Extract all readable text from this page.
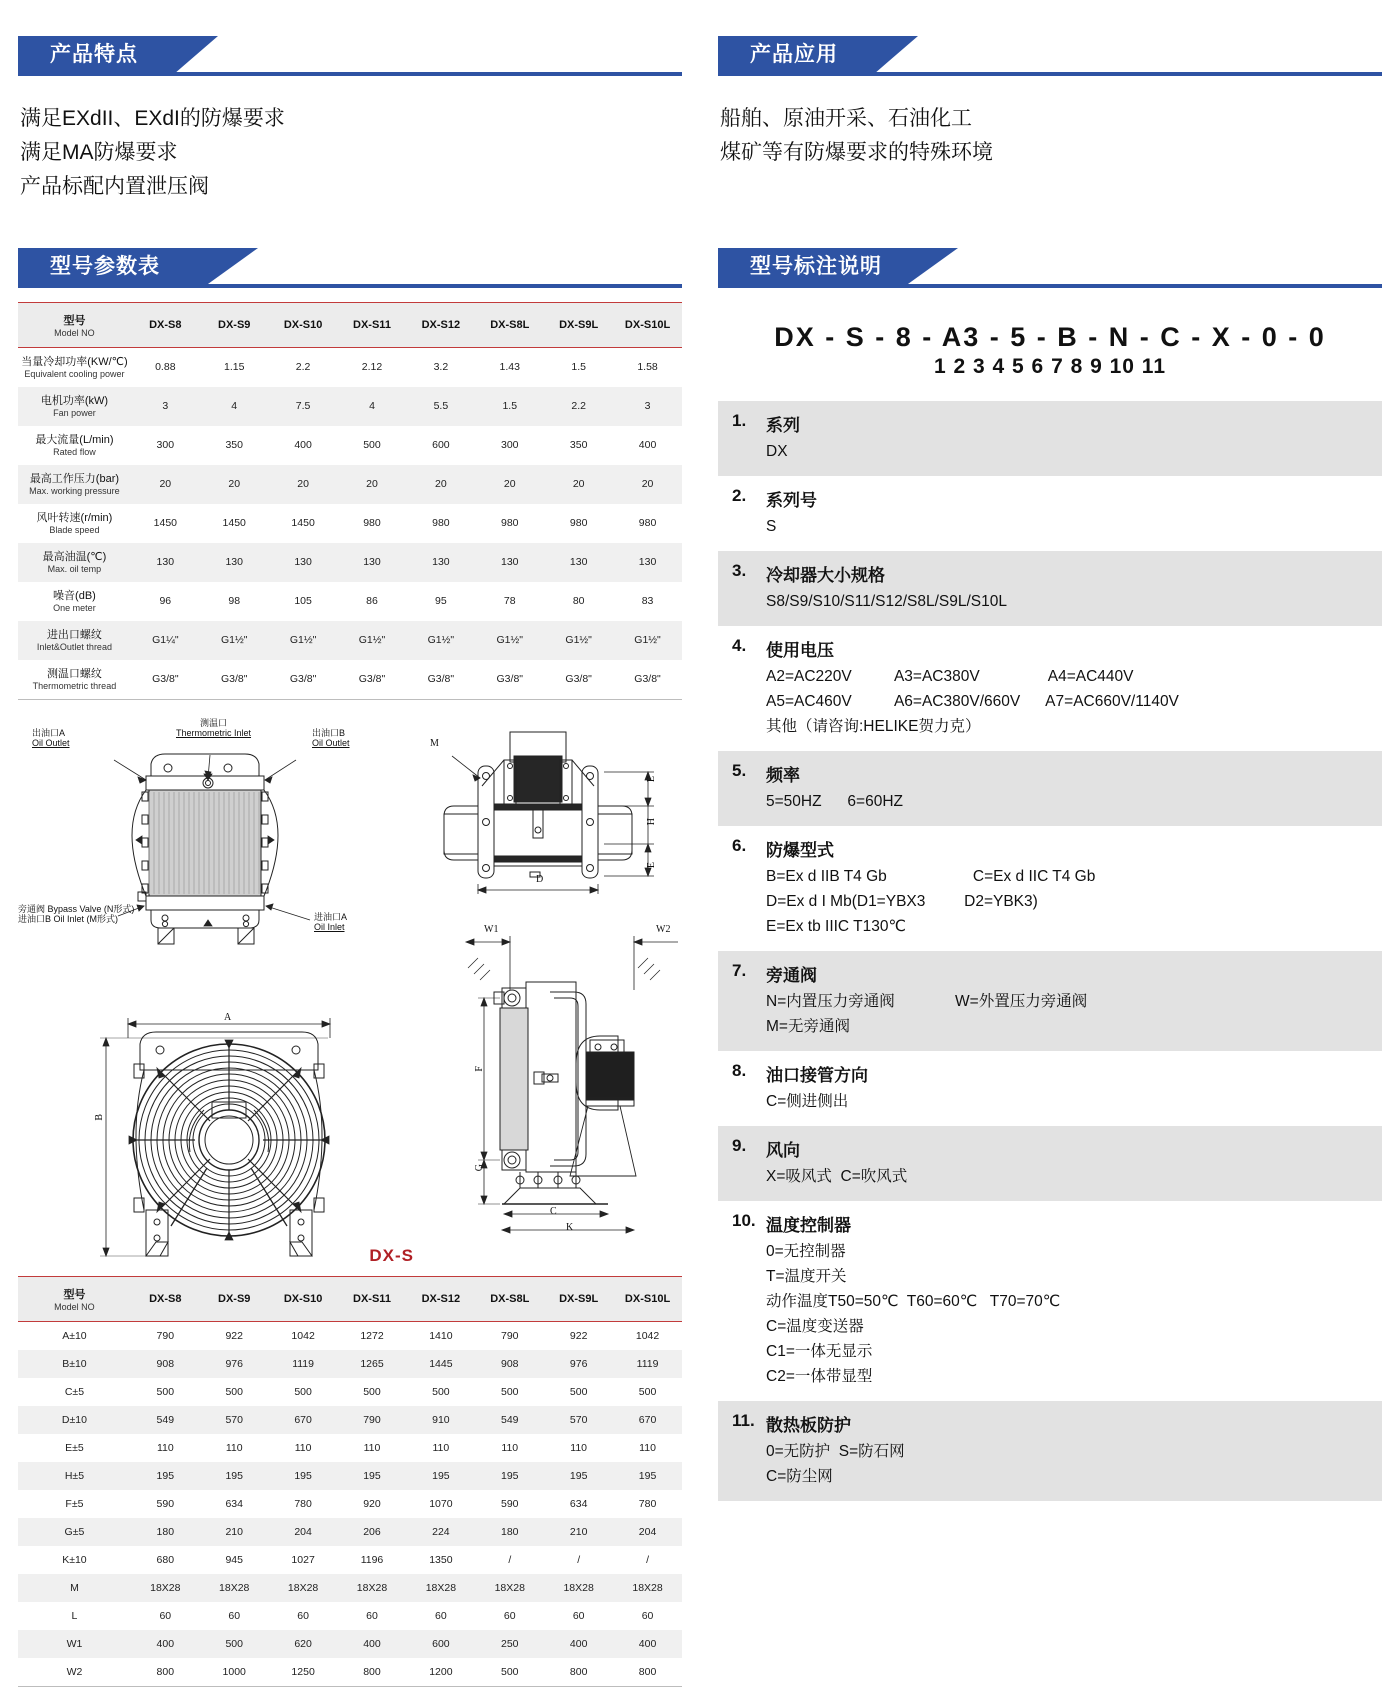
产品特点
满足EXdII、EXdI的防爆要求
满足MA防爆要求
产品标配内置泄压阀
型号参数表
型号
Model NO	DX-S8	DX-S9	DX-S10	DX-S11	DX-S12	DX-S8L	DX-S9L	DX-S10L

当量冷却功率(KW/℃)
Equivalent cooling power	0.88	1.15	2.2	2.12	3.2	1.43	1.5	1.58

电机功率(kW)
Fan power	3	4	7.5	4	5.5	1.5	2.2	3

最大流量(L/min)
Rated flow	300	350	400	500	600	300	350	400

最高工作压力(bar)
Max. working pressure	20	20	20	20	20	20	20	20

风叶转速(r/min)
Blade speed	1450	1450	1450	980	980	980	980	980

最高油温(℃)
Max. oil temp	130	130	130	130	130	130	130	130

噪音(dB)
One meter	96	98	105	86	95	78	80	83

进出口螺纹
Inlet&Outlet thread	G1¼"	G1½"	G1½"	G1½"	G1½"	G1½"	G1½"	G1½"

测温口螺纹
Thermometric thread	G3/8"	G3/8"	G3/8"	G3/8"	G3/8"	G3/8"	G3/8"	G3/8"
出油口A
Oil Outlet
测温口
Thermometric Inlet	出油口B
Oil Outlet
旁通阀 Bypass Valve (N形式)
进油口B Oil Inlet (M形式)	进油口A
Oil Inlet
M
E
H
E
D
A
B
W1	W2
F
G
C
K
DX-S
型号
Model NO	DX-S8	DX-S9	DX-S10	DX-S11	DX-S12	DX-S8L	DX-S9L	DX-S10L
A±10	790	922	1042	1272	1410	790	922	1042
B±10	908	976	1119	1265	1445	908	976	1119
C±5	500	500	500	500	500	500	500	500
D±10	549	570	670	790	910	549	570	670
E±5	110	110	110	110	110	110	110	110
H±5	195	195	195	195	195	195	195	195
F±5	590	634	780	920	1070	590	634	780
G±5	180	210	204	206	224	180	210	204
K±10	680	945	1027	1196	1350	/	/	/
M	18X28	18X28	18X28	18X28	18X28	18X28	18X28	18X28
L	60	60	60	60	60	60	60	60
W1	400	500	620	400	600	250	400	400
W2	800	1000	1250	800	1200	500	800	800
产品应用
船舶、原油开采、石油化工
煤矿等有防爆要求的特殊环境
型号标注说明
DX - S - 8 - A3 - 5 - B - N - C - X - 0 - 0
1 2 3 4 5 6 7 8 9 10 11
1.	系列
DX
2.	系列号
S
3.	冷却器大小规格
S8/S9/S10/S11/S12/S8L/S9L/S10L
4.	使用电压
A2=AC220V          A3=AC380V                A4=AC440V
A5=AC460V          A6=AC380V/660V      A7=AC660V/1140V
其他（请咨询:HELIKE贺力克）
5.	频率
5=50HZ      6=60HZ
6.	防爆型式
B=Ex d IIB T4 Gb                    C=Ex d IIC T4 Gb
D=Ex d I Mb(D1=YBX3         D2=YBK3)
E=Ex tb IIIC T130℃
7.	旁通阀
N=内置压力旁通阀              W=外置压力旁通阀
M=无旁通阀
8.	油口接管方向
C=侧进侧出
9.	风向
X=吸风式  C=吹风式
10. 温度控制器
0=无控制器
T=温度开关
动作温度T50=50℃  T60=60℃   T70=70℃
C=温度变送器
C1=一体无显示
C2=一体带显型
11. 散热板防护
0=无防护  S=防石网
C=防尘网
